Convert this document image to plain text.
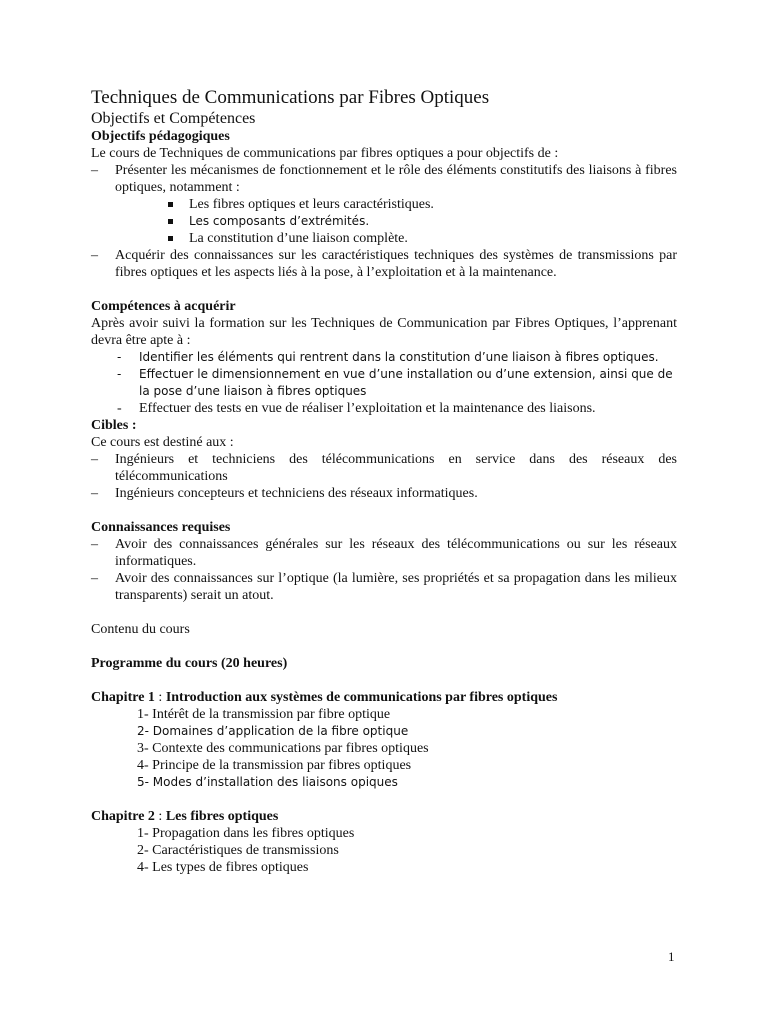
Techniques de Communications par Fibres Optiques
Objectifs et Compétences
Objectifs pédagogiques
Le cours de Techniques de communications par fibres optiques a pour objectifs de :
– Présenter les mécanismes de fonctionnement et le rôle des éléments constitutifs des liaisons à fibres optiques, notamment :
Les fibres optiques et leurs caractéristiques.
Les composants d’extrémités.
La constitution d’une liaison complète.
– Acquérir des connaissances sur les caractéristiques techniques des systèmes de transmissions par fibres optiques et les aspects liés à la pose, à l’exploitation et à la maintenance.
Compétences à acquérir
Après avoir suivi la formation sur les Techniques de Communication par Fibres Optiques, l’apprenant devra être apte à :
- Identifier les éléments qui rentrent dans la constitution d’une liaison à fibres optiques.
- Effectuer le dimensionnement en vue d’une installation ou d’une extension, ainsi que de la pose d’une liaison à fibres optiques
- Effectuer des tests en vue de réaliser l’exploitation et la maintenance des liaisons.
Cibles :
Ce cours est destiné aux :
– Ingénieurs et techniciens des télécommunications en service dans des réseaux des télécommunications
– Ingénieurs concepteurs et techniciens des réseaux informatiques.
Connaissances requises
– Avoir des connaissances générales sur les réseaux des télécommunications ou sur les réseaux informatiques.
– Avoir des connaissances sur l’optique (la lumière, ses propriétés et sa propagation dans les milieux transparents) serait un atout.
Contenu du cours
Programme du cours (20 heures)
Chapitre 1 : Introduction aux systèmes de communications par fibres optiques
1- Intérêt de la transmission par fibre optique
2- Domaines d’application de la fibre optique
3- Contexte des communications par fibres optiques
4- Principe de la transmission par fibres optiques
5- Modes d’installation des liaisons opiques
Chapitre 2 : Les fibres optiques
1- Propagation dans les fibres optiques
2- Caractéristiques de transmissions
4- Les types de fibres optiques
1
